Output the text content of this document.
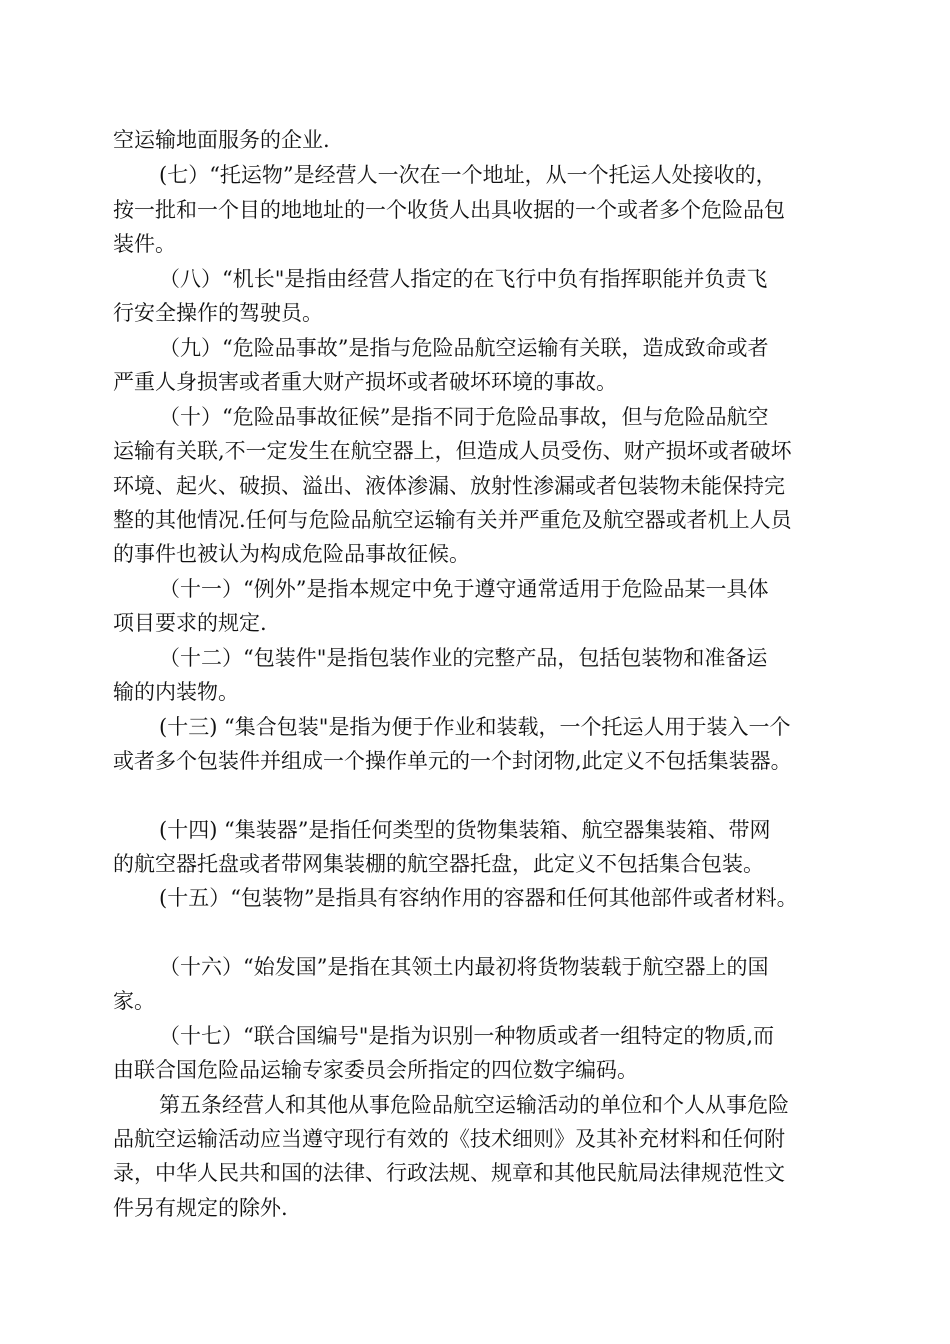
空运输地面服务的企业.
(七）“托运物”是经营人一次在一个地址，从一个托运人处接收的，
按一批和一个目的地地址的一个收货人出具收据的一个或者多个危险品包
装件。
（八）“机长"是指由经营人指定的在飞行中负有指挥职能并负责飞
行安全操作的驾驶员。
（九）“危险品事故”是指与危险品航空运输有关联，造成致命或者
严重人身损害或者重大财产损坏或者破坏环境的事故。
（十）“危险品事故征候”是指不同于危险品事故，但与危险品航空
运输有关联,不一定发生在航空器上，但造成人员受伤、财产损坏或者破坏
环境、起火、破损、溢出、液体渗漏、放射性渗漏或者包装物未能保持完
整的其他情况.任何与危险品航空运输有关并严重危及航空器或者机上人员
的事件也被认为构成危险品事故征候。
（十一）“例外”是指本规定中免于遵守通常适用于危险品某一具体
项目要求的规定.
（十二）“包装件"是指包装作业的完整产品，包括包装物和准备运
输的内装物。
(十三) “集合包装"是指为便于作业和装载，一个托运人用于装入一个
或者多个包装件并组成一个操作单元的一个封闭物,此定义不包括集装器。
(十四) “集装器”是指任何类型的货物集装箱、航空器集装箱、带网
的航空器托盘或者带网集装棚的航空器托盘，此定义不包括集合包装。
(十五）“包装物”是指具有容纳作用的容器和任何其他部件或者材料。
（十六）“始发国”是指在其领土内最初将货物装载于航空器上的国
家。
（十七）“联合国编号"是指为识别一种物质或者一组特定的物质,而
由联合国危险品运输专家委员会所指定的四位数字编码。
第五条经营人和其他从事危险品航空运输活动的单位和个人从事危险
品航空运输活动应当遵守现行有效的《技术细则》及其补充材料和任何附
录，中华人民共和国的法律、行政法规、规章和其他民航局法律规范性文
件另有规定的除外.
